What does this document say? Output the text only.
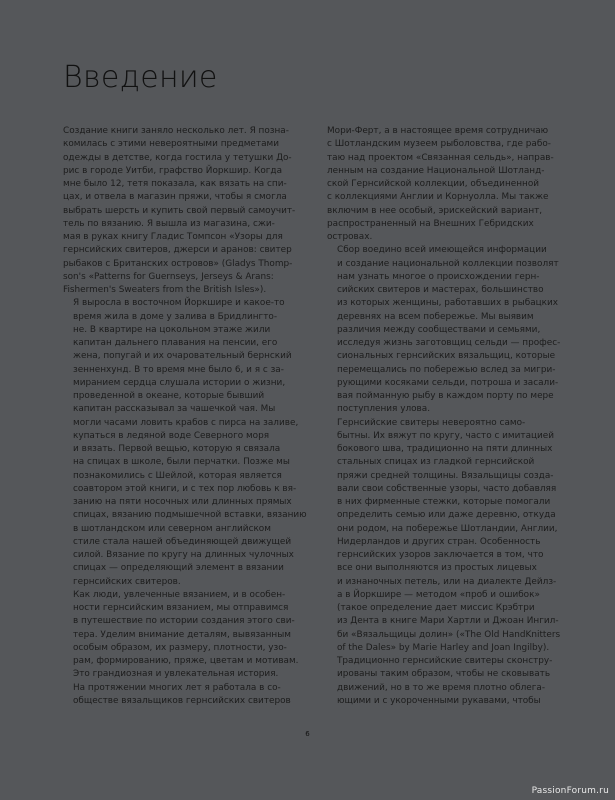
Введение

Создание книги заняло несколько лет. Я позна-
комилась с этими невероятными предметами
одежды в детстве, когда гостила у тетушки До-
рис в городе Уитби, графство Йоркшир. Когда
мне было 12, тетя показала, как вязать на спи-
цах, и отвела в магазин пряжи, чтобы я смогла
выбрать шерсть и купить свой первый самоучит-
тель по вязанию. Я вышла из магазина, сжи-
мая в руках книгу Гладис Томпсон «Узоры для
гернсийских свитеров, джерси и аранов: свитер
рыбаков с Британских островов» (Gladys Thomp-
son's «Patterns for Guernseys, Jerseys & Arans:
Fishermen's Sweaters from the British Isles»).

Я выросла в восточном Йоркшире и какое-то
время жила в доме у залива в Бридлингто-
не. В квартире на цокольном этаже жили
капитан дальнего плавания на пенсии, его
жена, попугай и их очаровательный бернский
зенненхунд. В то время мне было 6, и я с за-
миранием сердца слушала истории о жизни,
проведенной в океане, которые бывший
капитан рассказывал за чашечкой чая. Мы
могли часами ловить крабов с пирса на заливе,
купаться в ледяной воде Северного моря
и вязать. Первой вещью, которую я связала
на спицах в школе, были перчатки. Позже мы
познакомились с Шейлой, которая является
соавтором этой книги, и с тех пор любовь к вя-
занию на пяти носочных или длинных прямых
спицах, вязанию подмышечной вставки, вязанию
в шотландском или северном английском
стиле стала нашей объединяющей движущей
силой. Вязание по кругу на длинных чулочных
спицах — определяющий элемент в вязании
гернсийских свитеров.

Как люди, увлеченные вязанием, и в особен-
ности гернсийским вязанием, мы отправимся
в путешествие по истории создания этого сви-
тера. Уделим внимание деталям, вывязанным
особым образом, их размеру, плотности, узо-
рам, формированию, пряже, цветам и мотивам.
Это грандиозная и увлекательная история.

На протяжении многих лет я работала в со-
обществе вязальщиков гернсийских свитеров

Мори-Ферт, а в настоящее время сотрудничаю
с Шотландским музеем рыболовства, где рабо-
таю над проектом «Связанная сельдь», направ-
ленным на создание Национальной Шотланд-
ской Гернсийской коллекции, объединенной
с коллекциями Англии и Корнуолла. Мы также
включим в нее особый, эрискейский вариант,
распространенный на Внешних Гебридских
островах.

Сбор воедино всей имеющейся информации
и создание национальной коллекции позволят
нам узнать многое о происхождении герн-
сийских свитеров и мастерах, большинство
из которых женщины, работавших в рыбацких
деревнях на всем побережье. Мы выявим
различия между сообществами и семьями,
исследуя жизнь заготовщиц сельди — профес-
сиональных гернсийских вязальщиц, которые
перемещались по побережью вслед за мигри-
рующими косяками сельди, потроша и засали-
вая пойманную рыбу в каждом порту по мере
поступления улова.

Гернсийские свитеры невероятно само-
бытны. Их вяжут по кругу, часто с имитацией
бокового шва, традиционно на пяти длинных
стальных спицах из гладкой гернсийской
пряжи средней толщины. Вязальщицы созда-
вали свои собственные узоры, часто добавляя
в них фирменные стежки, которые помогали
определить семью или даже деревню, откуда
они родом, на побережье Шотландии, Англии,
Нидерландов и других стран. Особенность
гернсийских узоров заключается в том, что
все они выполняются из простых лицевых
и изнаночных петель, или на диалекте Дейлз-
а в Йоркшире — методом «проб и ошибок»
(такое определение дает миссис Крэбтри
из Дента в книге Мари Хартли и Джоан Ингил-
би «Вязальщицы долин» («The Old HandKnitters
of the Dales» by Marie Harley and Joan Ingilby).

Традиционно гернсийские свитеры сконстру-
ированы таким образом, чтобы не сковывать
движений, но в то же время плотно облега-
ющими и с укороченными рукавами, чтобы

6
PassionForum.ru
